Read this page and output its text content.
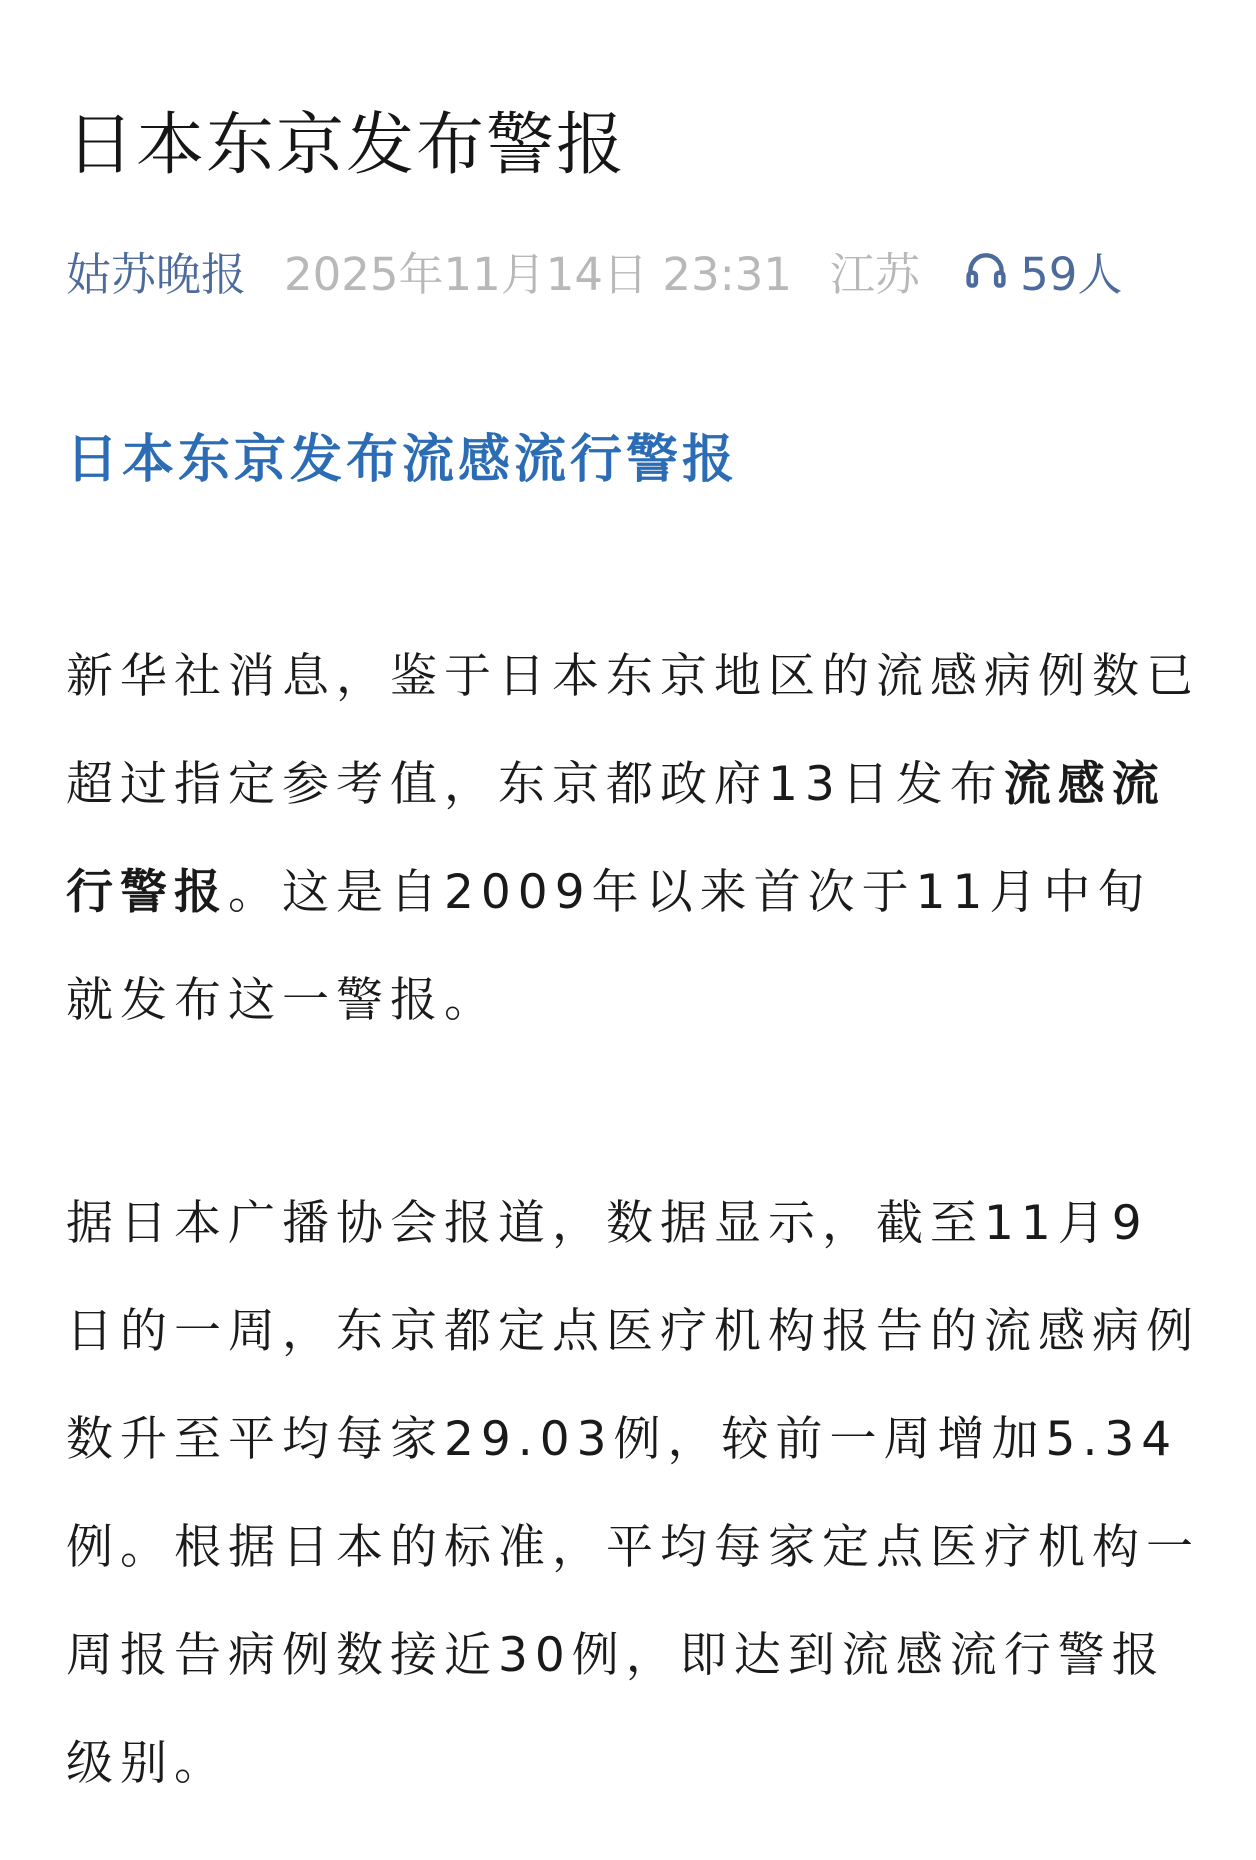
日本东京发布警报
姑苏晚报 2025年11月14日 23:31 江苏 59人
日本东京发布流感流行警报

新华社消息，鉴于日本东京地区的流感病例数已超过指定参考值，东京都政府13日发布流感流行警报。这是自2009年以来首次于11月中旬就发布这一警报。

据日本广播协会报道，数据显示，截至11月9日的一周，东京都定点医疗机构报告的流感病例数升至平均每家29.03例，较前一周增加5.34例。根据日本的标准，平均每家定点医疗机构一周报告病例数接近30例，即达到流感流行警报级别。
